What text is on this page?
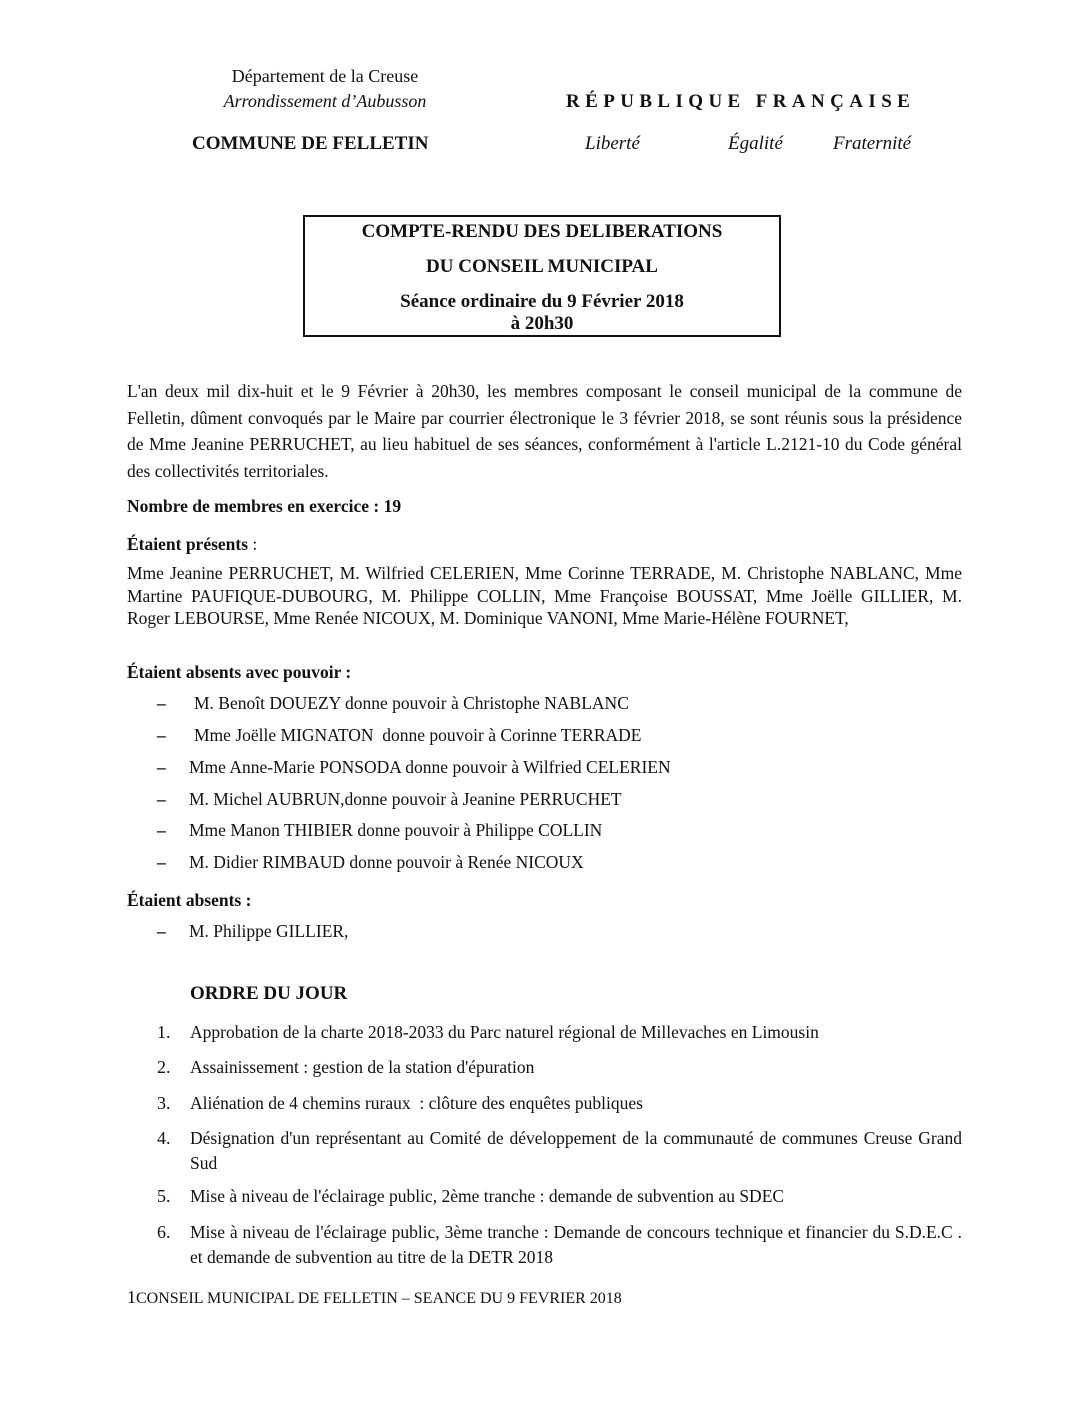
Département de la Creuse
Arrondissement d’Aubusson	RÉPUBLIQUE FRANÇAISE
COMMUNE DE FELLETIN	Liberté	Égalité	Fraternité
COMPTE-RENDU DES DELIBERATIONS
DU CONSEIL MUNICIPAL
Séance ordinaire du 9 Février 2018
à 20h30
L'an deux mil dix-huit et le 9 Février à 20h30, les membres composant le conseil municipal de la commune de Felletin, dûment convoqués par le Maire par courrier électronique le 3 février 2018, se sont réunis sous la présidence de Mme Jeanine PERRUCHET, au lieu habituel de ses séances, conformément à l'article L.2121-10 du Code général des collectivités territoriales.
Nombre de membres en exercice : 19
Étaient présents :
Mme Jeanine PERRUCHET, M. Wilfried CELERIEN, Mme Corinne TERRADE, M. Christophe NABLANC, Mme Martine PAUFIQUE-DUBOURG, M. Philippe COLLIN, Mme Françoise BOUSSAT, Mme Joëlle GILLIER, M. Roger LEBOURSE, Mme Renée NICOUX, M. Dominique VANONI, Mme Marie-Hélène FOURNET,
Étaient absents avec pouvoir :
–	M. Benoît DOUEZY donne pouvoir à Christophe NABLANC
–	Mme Joëlle MIGNATON  donne pouvoir à Corinne TERRADE
–	Mme Anne-Marie PONSODA donne pouvoir à Wilfried CELERIEN
–	M. Michel AUBRUN,donne pouvoir à Jeanine PERRUCHET
–	Mme Manon THIBIER donne pouvoir à Philippe COLLIN
–	M. Didier RIMBAUD donne pouvoir à Renée NICOUX
Étaient absents :
–	M. Philippe GILLIER,
ORDRE DU JOUR
1.	Approbation de la charte 2018-2033 du Parc naturel régional de Millevaches en Limousin
2.	Assainissement : gestion de la station d'épuration
3.	Aliénation de 4 chemins ruraux  : clôture des enquêtes publiques
4.	Désignation d'un représentant au Comité de développement de la communauté de communes Creuse Grand Sud
5.	Mise à niveau de l'éclairage public, 2ème tranche : demande de subvention au SDEC
6.	Mise à niveau de l'éclairage public, 3ème tranche : Demande de concours technique et financier du S.D.E.C . et demande de subvention au titre de la DETR 2018
1CONSEIL MUNICIPAL DE FELLETIN – SEANCE DU 9 FEVRIER 2018
